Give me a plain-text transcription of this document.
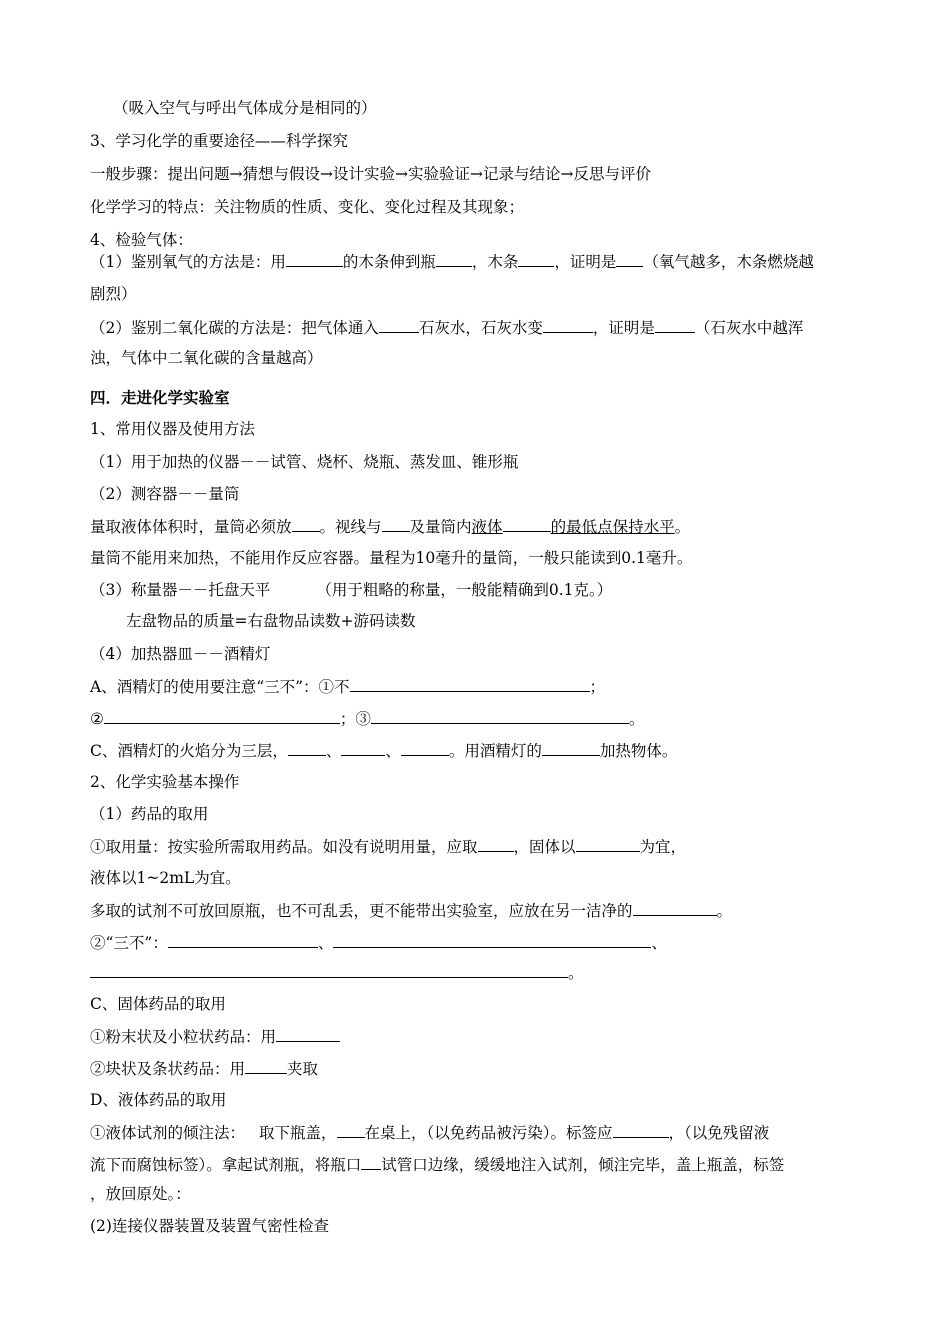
（吸入空气与呼出气体成分是相同的）
3、学习化学的重要途径——科学探究
一般步骤：提出问题→猜想与假设→设计实验→实验验证→记录与结论→反思与评价
化学学习的特点：关注物质的性质、变化、变化过程及其现象；
4、检验气体：
（1）鉴别氧气的方法是：用	的木条伸到瓶 ，木条 ，证明是 （氧气越多，木条燃烧越
剧烈）
（2）鉴别二氧化碳的方法是：把气体通入	石灰水，石灰水变	，证明是	（石灰水中越浑
浊，气体中二氧化碳的含量越高）
四．走进化学实验室
1、常用仪器及使用方法
（1）用于加热的仪器－－试管、烧杯、烧瓶、蒸发皿、锥形瓶
（2）测容器－－量筒
量取液体体积时，量筒必须放 。视线与 及量筒内液体	的最低点保持水平。
量筒不能用来加热，不能用作反应容器。量程为10毫升的量筒，一般只能读到0.1毫升。
（3）称量器－－托盘天平	（用于粗略的称量，一般能精确到0.1克。）
左盘物品的质量=右盘物品读数+游码读数
（4）加热器皿－－酒精灯
A、酒精灯的使用要注意“三不”：①不	；
②	；③	。
C、酒精灯的火焰分为三层， 、	、	。用酒精灯的	加热物体。
2、化学实验基本操作
（1）药品的取用
①取用量：按实验所需取用药品。如没有说明用量，应取 ，固体以	为宜，
液体以1~2mL为宜。
多取的试剂不可放回原瓶，也不可乱丢，更不能带出实验室，应放在另一洁净的	。
②“三不”：	、	、
。
C、固体药品的取用
①粉末状及小粒状药品：用
②块状及条状药品：用	夹取
D、液体药品的取用
①液体试剂的倾注法： 取下瓶盖， 在桌上，（以免药品被污染）。标签应	，（以免残留液
流下而腐蚀标签）。拿起试剂瓶，将瓶口 试管口边缘，缓缓地注入试剂，倾注完毕，盖上瓶盖，标签
，放回原处。：
(2)连接仪器装置及装置气密性检查
